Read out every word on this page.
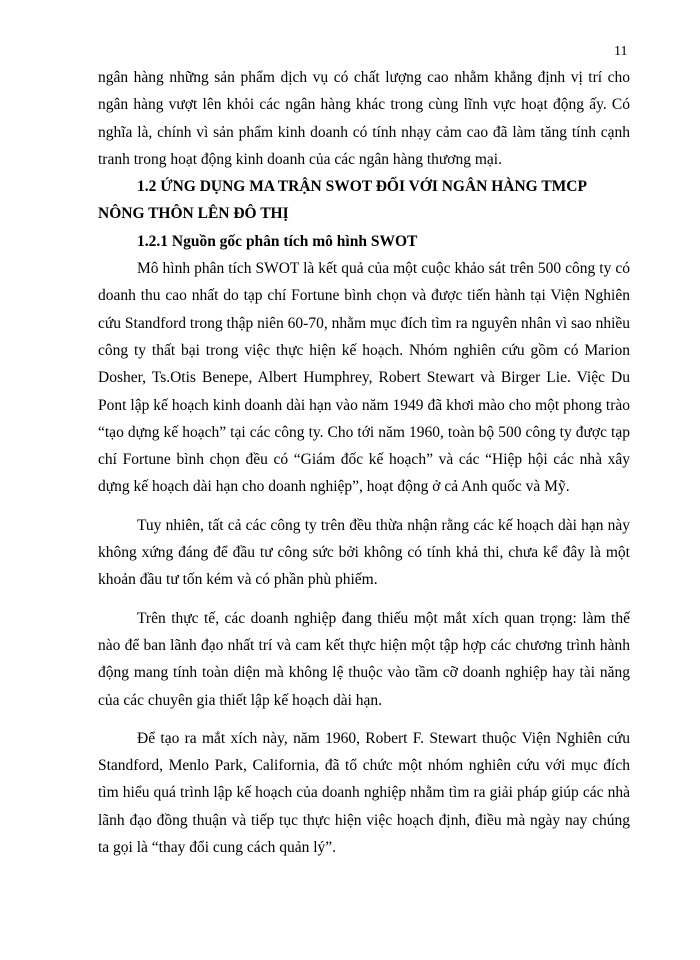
11

ngân hàng những sản phẩm dịch vụ có chất lượng cao nhằm khẳng định vị trí cho ngân hàng vượt lên khỏi các ngân hàng khác trong cùng lĩnh vực hoạt động ấy. Có nghĩa là, chính vì sản phẩm kinh doanh có tính nhạy cảm cao đã làm tăng tính cạnh tranh trong hoạt động kinh doanh của các ngân hàng thương mại.

1.2 ỨNG DỤNG MA TRẬN SWOT ĐỐI VỚI NGÂN HÀNG TMCP NÔNG THÔN LÊN ĐÔ THỊ
1.2.1 Nguồn gốc phân tích mô hình SWOT

Mô hình phân tích SWOT là kết quả của một cuộc khảo sát trên 500 công ty có doanh thu cao nhất do tạp chí Fortune bình chọn và được tiến hành tại Viện Nghiên cứu Standford trong thập niên 60-70, nhằm mục đích tìm ra nguyên nhân vì sao nhiều công ty thất bại trong việc thực hiện kế hoạch. Nhóm nghiên cứu gồm có Marion Dosher, Ts.Otis Benepe, Albert Humphrey, Robert Stewart và Birger Lie. Việc Du Pont lập kế hoạch kinh doanh dài hạn vào năm 1949 đã khơi mào cho một phong trào “tạo dựng kế hoạch” tại các công ty. Cho tới năm 1960, toàn bộ 500 công ty được tạp chí Fortune bình chọn đều có “Giám đốc kế hoạch” và các “Hiệp hội các nhà xây dựng kế hoạch dài hạn cho doanh nghiệp”, hoạt động ở cả Anh quốc và Mỹ.

Tuy nhiên, tất cả các công ty trên đều thừa nhận rằng các kế hoạch dài hạn này không xứng đáng để đầu tư công sức bởi không có tính khả thi, chưa kể đây là một khoản đầu tư tốn kém và có phần phù phiếm.

Trên thực tế, các doanh nghiệp đang thiếu một mắt xích quan trọng: làm thế nào để ban lãnh đạo nhất trí và cam kết thực hiện một tập hợp các chương trình hành động mang tính toàn diện mà không lệ thuộc vào tầm cỡ doanh nghiệp hay tài năng của các chuyên gia thiết lập kế hoạch dài hạn.

Để tạo ra mắt xích này, năm 1960, Robert F. Stewart thuộc Viện Nghiên cứu Standford, Menlo Park, California, đã tổ chức một nhóm nghiên cứu với mục đích tìm hiểu quá trình lập kế hoạch của doanh nghiệp nhằm tìm ra giải pháp giúp các nhà lãnh đạo đồng thuận và tiếp tục thực hiện việc hoạch định, điều mà ngày nay chúng ta gọi là “thay đổi cung cách quản lý”.
